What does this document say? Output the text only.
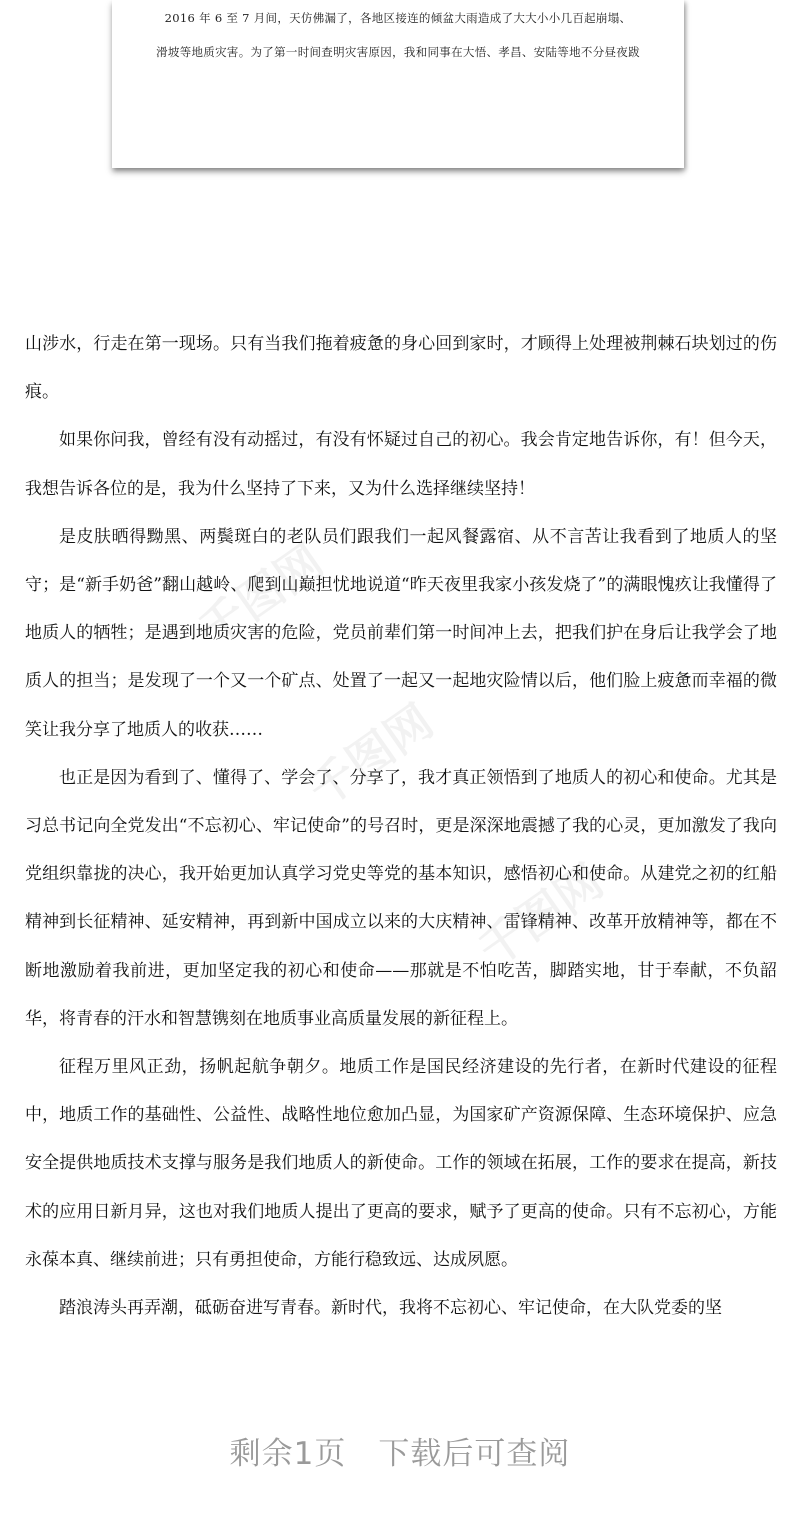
2016 年 6 至 7 月间，天仿佛漏了，各地区接连的倾盆大雨造成了大大小小几百起崩塌、
滑坡等地质灾害。为了第一时间查明灾害原因，我和同事在大悟、孝昌、安陆等地不分昼夜跋
千图网
千图网
千图网

山涉水，行走在第一现场。只有当我们拖着疲惫的身心回到家时，才顾得上处理被荆棘石块划过的伤痕。

如果你问我，曾经有没有动摇过，有没有怀疑过自己的初心。我会肯定地告诉你，有！但今天，我想告诉各位的是，我为什么坚持了下来，又为什么选择继续坚持！

是皮肤晒得黝黑、两鬓斑白的老队员们跟我们一起风餐露宿、从不言苦让我看到了地质人的坚守；是“新手奶爸”翻山越岭、爬到山巅担忧地说道“昨天夜里我家小孩发烧了”的满眼愧疚让我懂得了地质人的牺牲；是遇到地质灾害的危险，党员前辈们第一时间冲上去，把我们护在身后让我学会了地质人的担当；是发现了一个又一个矿点、处置了一起又一起地灾险情以后，他们脸上疲惫而幸福的微笑让我分享了地质人的收获……

也正是因为看到了、懂得了、学会了、分享了，我才真正领悟到了地质人的初心和使命。尤其是习总书记向全党发出“不忘初心、牢记使命”的号召时，更是深深地震撼了我的心灵，更加激发了我向党组织靠拢的决心，我开始更加认真学习党史等党的基本知识，感悟初心和使命。从建党之初的红船精神到长征精神、延安精神，再到新中国成立以来的大庆精神、雷锋精神、改革开放精神等，都在不断地激励着我前进，更加坚定我的初心和使命——那就是不怕吃苦，脚踏实地，甘于奉献，不负韶华，将青春的汗水和智慧镌刻在地质事业高质量发展的新征程上。

征程万里风正劲，扬帆起航争朝夕。地质工作是国民经济建设的先行者，在新时代建设的征程中，地质工作的基础性、公益性、战略性地位愈加凸显，为国家矿产资源保障、生态环境保护、应急安全提供地质技术支撑与服务是我们地质人的新使命。工作的领域在拓展，工作的要求在提高，新技术的应用日新月异，这也对我们地质人提出了更高的要求，赋予了更高的使命。只有不忘初心，方能永葆本真、继续前进；只有勇担使命，方能行稳致远、达成夙愿。

踏浪涛头再弄潮，砥砺奋进写青春。新时代，我将不忘初心、牢记使命，在大队党委的坚

剩余1页　下载后可查阅
